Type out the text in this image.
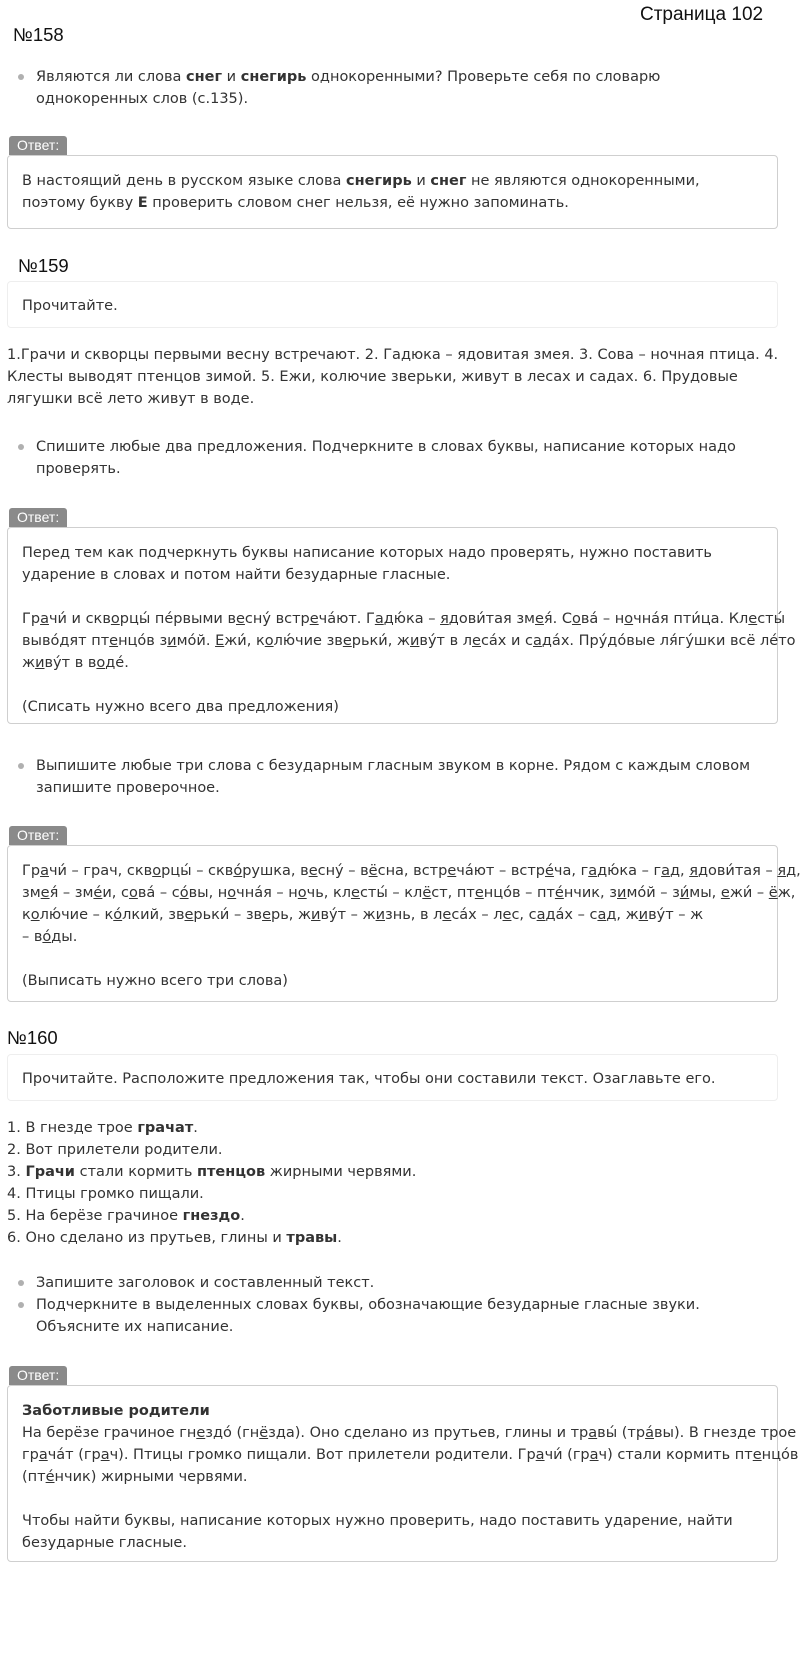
Страница 102
№158
Являются ли слова снег и снегирь однокоренными? Проверьте себя по словарю однокоренных слов (с.135).
Ответ:
В настоящий день в русском языке слова снегирь и снег не являются однокоренными, поэтому букву Е проверить словом снег нельзя, её нужно запоминать.
№159
Прочитайте.
1.Грачи и скворцы первыми весну встречают. 2. Гадюка – ядовитая змея. 3. Сова – ночная птица. 4. Клесты выводят птенцов зимой. 5. Ежи, колючие зверьки, живут в лесах и садах. 6. Прудовые лягушки всё лето живут в воде.
Спишите любые два предложения. Подчеркните в словах буквы, написание которых надо проверять.
Ответ:
Перед тем как подчеркнуть буквы написание которых надо проверять, нужно поставить ударение в словах и потом найти безударные гласные.
Грачи́ и скворцы́ пе́рвыми весну́ встреча́ют. Гадю́ка – ядови́тая змея́. Сова́ – ночна́я пти́ца. Клесты́
выво́дят птенцо́в зимо́й. Ежи́, колю́чие зверьки́, живу́т в леса́х и сада́х. Пру́до́вые ля́гу́шки всё ле́то
живу́т в воде́.
(Списать нужно всего два предложения)
Выпишите любые три слова с безударным гласным звуком в корне. Рядом с каждым словом запишите проверочное.
Ответ:
Грачи́ – грач, скворцы́ – скво́рушка, весну́ – вёсна, встреча́ют – встре́ча, гадю́ка – гад, ядови́тая – яд,
змея́ – зме́и, сова́ – со́вы, ночна́я – ночь, клесты́ – клёст, птенцо́в – пте́нчик, зимо́й – зи́мы, ежи́ – ёж,
колю́чие – ко́лкий, зверьки́ – зверь, живу́т – жизнь, в леса́х – лес, сада́х – сад, живу́т – ж
– во́ды.
(Выписать нужно всего три слова)
№160
Прочитайте. Расположите предложения так, чтобы они составили текст. Озаглавьте его.
1. В гнезде трое грачат.
2. Вот прилетели родители.
3. Грачи стали кормить птенцов жирными червями.
4. Птицы громко пищали.
5. На берёзе грачиное гнездо.
6. Оно сделано из прутьев, глины и травы.
Запишите заголовок и составленный текст.
Подчеркните в выделенных словах буквы, обозначающие безударные гласные звуки. Объясните их написание.
Ответ:
Заботливые родители
На берёзе грачиное гнездо́ (гнёзда). Оно сделано из прутьев, глины и травы́ (тра́вы). В гнезде трое
грача́т (грач). Птицы громко пищали. Вот прилетели родители. Грачи́ (грач) стали кормить птенцо́в
(пте́нчик) жирными червями.
Чтобы найти буквы, написание которых нужно проверить, надо поставить ударение, найти безударные гласные.
